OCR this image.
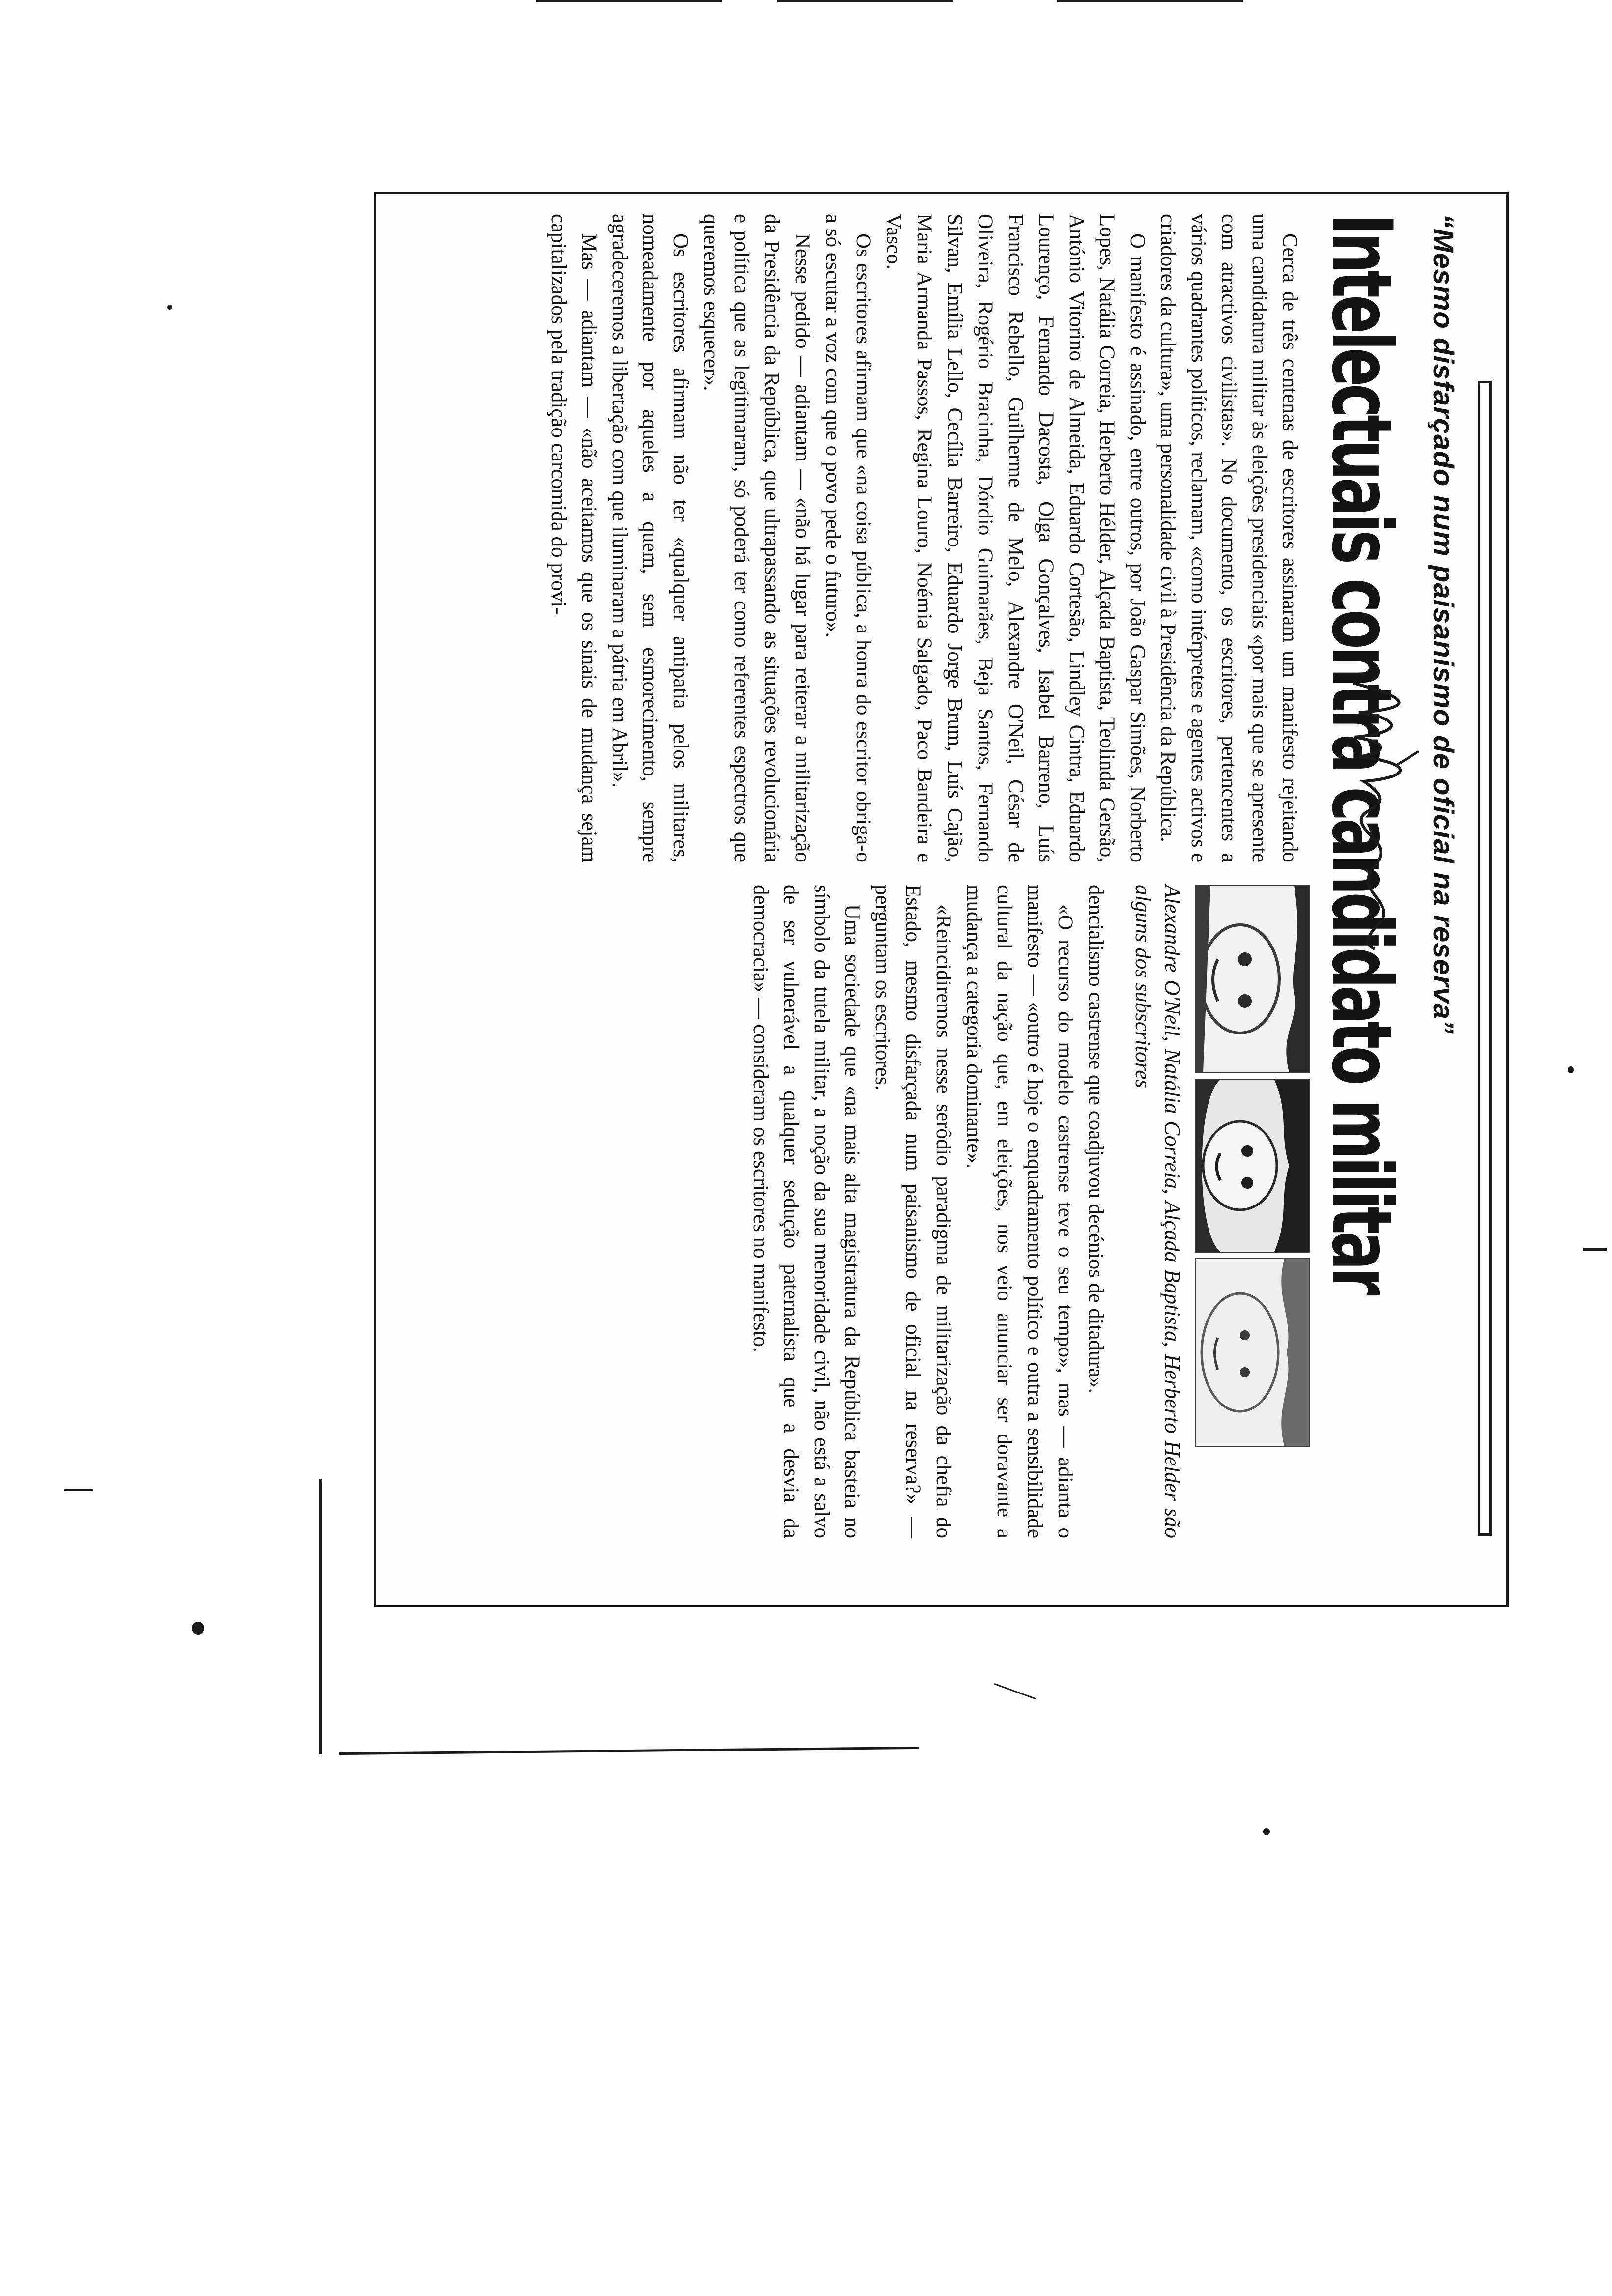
“Mesmo disfarçado num paisanismo de oficial na reserva”
Intelectuais contra candidato militar
Alexandre O'Neil, Natália Correia, Alçada Baptista, Herberto Helder são alguns dos subscritores

Cerca de três centenas de escritores assinaram um manifesto rejeitando uma candidatura militar às eleições presidenciais «por mais que se apresente com atractivos civilistas». No documento, os escritores, pertencentes a vários quadrantes políticos, reclamam, «como intérpretes e agentes activos e criadores da cultura», uma personalidade civil à Presidência da República.

O manifesto é assinado, entre outros, por João Gaspar Simões, Norberto Lopes, Natália Correia, Herberto Hélder, Alçada Baptista, Teolinda Gersão, António Vitorino de Almeida, Eduardo Cortesão, Lindley Cintra, Eduardo Lourenço, Fernando Dacosta, Olga Gonçalves, Isabel Barreno, Luís Francisco Rebello, Guilherme de Melo, Alexandre O'Neil, César de Oliveira, Rogério Bracinha, Dórdio Guimarães, Beja Santos, Fernando Silvan, Emília Lello, Cecília Barreiro, Eduardo Jorge Brum, Luís Cajão, Maria Armanda Passos, Regina Louro, Noémia Salgado, Paco Bandeira e Vasco.

Os escritores afirmam que «na coisa pública, a honra do escritor obriga-o a só escutar a voz com que o povo pede o futuro».

Nesse pedido — adiantam — «não há lugar para reiterar a militarização da Presidência da República, que ultrapassando as situações revolucionária e política que as legitimaram, só poderá ter como referentes espectros que queremos esquecer».

Os escritores afirmam não ter «qualquer antipatia pelos militares, nomeadamente por aqueles a quem, sem esmorecimento, sempre agradeceremos a libertação com que iluminaram a pátria em Abril».

Mas — adiantam — «não aceitamos que os sinais de mudança sejam capitalizados pela tradição carcomida do provi-

dencialismo castrense que coadjuvou decénios de ditadura».

«O recurso do modelo castrense teve o seu tempo», mas — adianta o manifesto — «outro é hoje o enquadramento político e outra a sensibilidade cultural da nação que, em eleições, nos veio anunciar ser doravante a mudança a categoria dominante».

«Reincidiremos nesse serôdio paradigma de militarização da chefia do Estado, mesmo disfarçada num paisanismo de oficial na reserva?» — perguntam os escritores.

Uma sociedade que «na mais alta magistratura da República basteia no símbolo da tutela militar, a noção da sua menoridade civil, não está a salvo de ser vulnerável a qualquer sedução paternalista que a desvia da democracia» — consideram os escritores no manifesto.
